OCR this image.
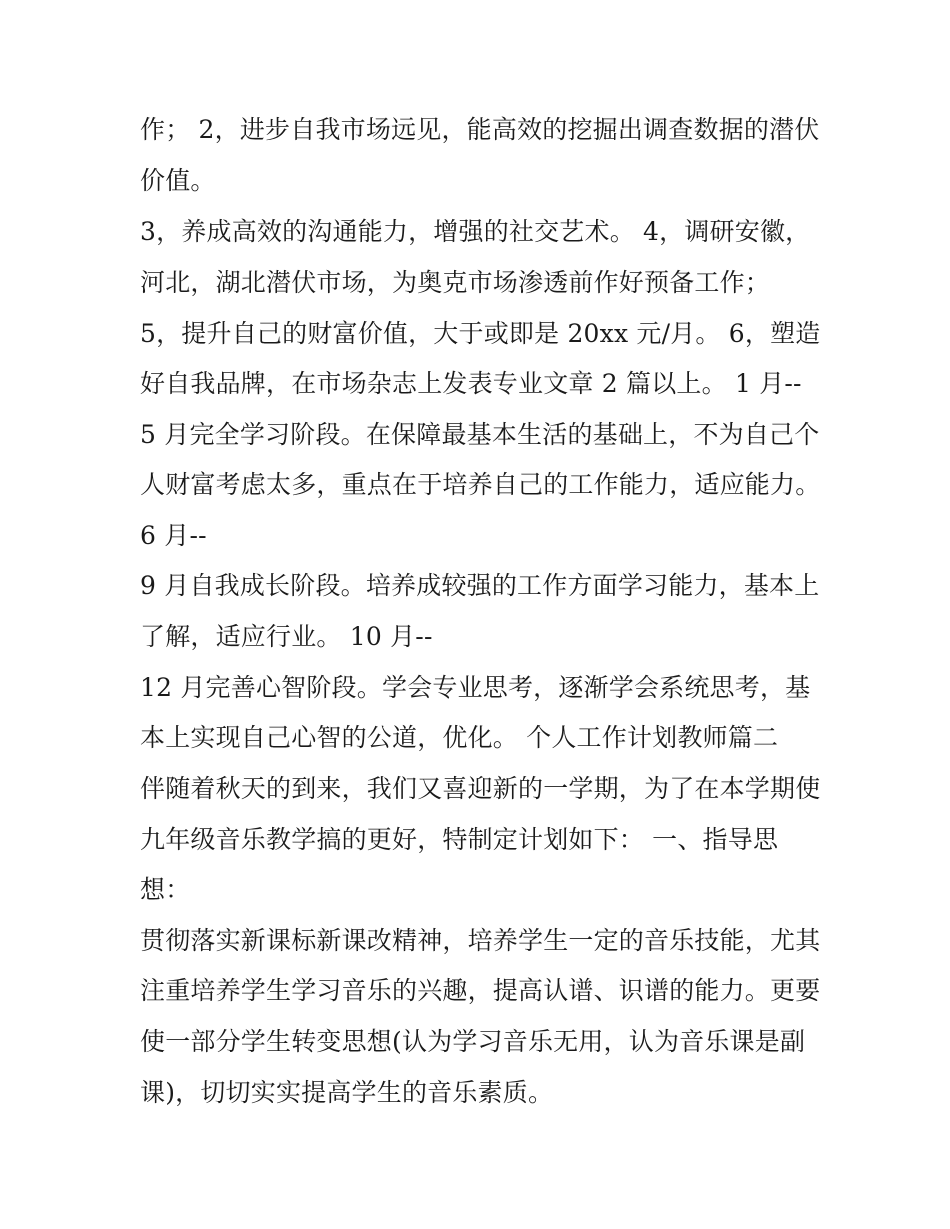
作； 2，进步自我市场远见，能高效的挖掘出调查数据的潜伏
价值。
3，养成高效的沟通能力，增强的社交艺术。 4，调研安徽，
河北，湖北潜伏市场，为奥克市场渗透前作好预备工作；
5，提升自己的财富价值，大于或即是 20xx 元/月。 6，塑造
好自我品牌，在市场杂志上发表专业文章 2 篇以上。 1 月--
5 月完全学习阶段。在保障最基本生活的基础上，不为自己个
人财富考虑太多，重点在于培养自己的工作能力，适应能力。
6 月--
9 月自我成长阶段。培养成较强的工作方面学习能力，基本上
了解，适应行业。 10 月--
12 月完善心智阶段。学会专业思考，逐渐学会系统思考，基
本上实现自己心智的公道，优化。 个人工作计划教师篇二
伴随着秋天的到来，我们又喜迎新的一学期，为了在本学期使
九年级音乐教学搞的更好，特制定计划如下： 一、指导思
想：
贯彻落实新课标新课改精神，培养学生一定的音乐技能，尤其
注重培养学生学习音乐的兴趣，提高认谱、识谱的能力。更要
使一部分学生转变思想(认为学习音乐无用，认为音乐课是副
课)，切切实实提高学生的音乐素质。
